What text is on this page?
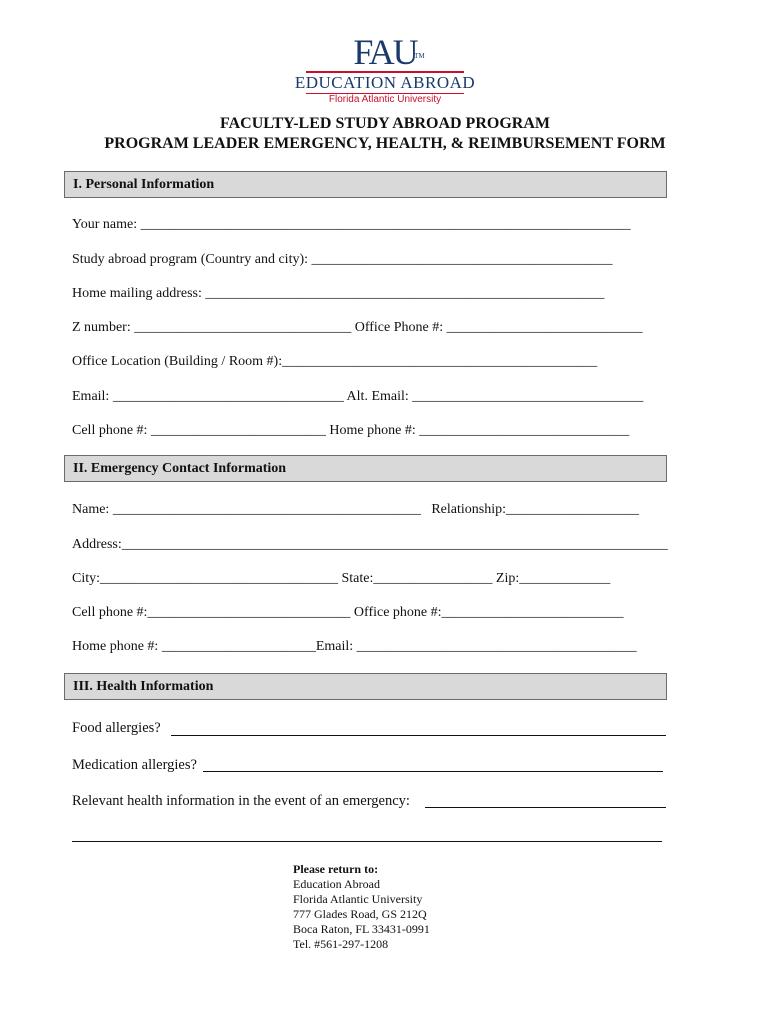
FAU
TM
EDUCATION ABROAD
Florida Atlantic University
FACULTY-LED STUDY ABROAD PROGRAM
PROGRAM LEADER EMERGENCY, HEALTH, & REIMBURSEMENT FORM
I. Personal Information
Your name: ______________________________________________________________________
Study abroad program (Country and city): ___________________________________________
Home mailing address: _________________________________________________________
Z number: _______________________________ Office Phone #: ____________________________
Office Location (Building / Room #):_____________________________________________
Email: _________________________________ Alt. Email: _________________________________
Cell phone #: _________________________ Home phone #: ______________________________
II. Emergency Contact Information
Name: ____________________________________________   Relationship:___________________
Address:______________________________________________________________________________
City:__________________________________ State:_________________ Zip:_____________
Cell phone #:_____________________________ Office phone #:__________________________
Home phone #: ______________________Email: ________________________________________
III. Health Information
Food allergies?
Medication allergies?
Relevant health information in the event of an emergency:
Please return to:
Education Abroad
Florida Atlantic University
777 Glades Road, GS 212Q
Boca Raton, FL 33431-0991
Tel. #561-297-1208
